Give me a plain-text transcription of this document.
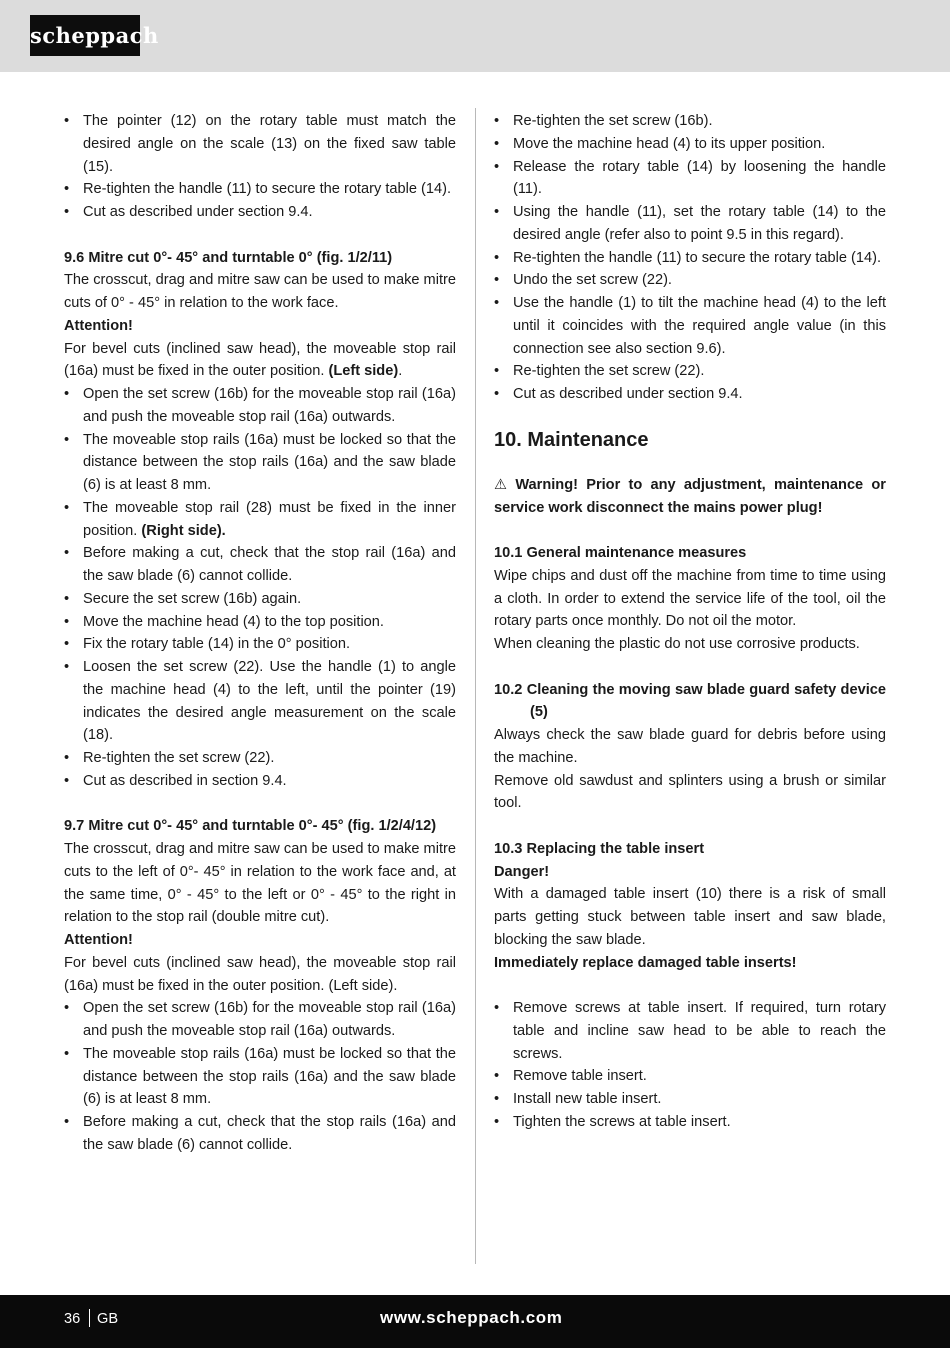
scheppach
• The pointer (12) on the rotary table must match the desired angle on the scale (13) on the fixed saw table (15).
• Re-tighten the handle (11) to secure the rotary table (14).
• Cut as described under section 9.4.

9.6 Mitre cut 0°- 45° and turntable 0° (fig. 1/2/11)

The crosscut, drag and mitre saw can be used to make mitre cuts of 0° - 45° in relation to the work face.

Attention!

For bevel cuts (inclined saw head), the moveable stop rail (16a) must be fixed in the outer position. (Left side).

• Open the set screw (16b) for the moveable stop rail (16a) and push the moveable stop rail (16a) outwards.
• The moveable stop rails (16a) must be locked so that the distance between the stop rails (16a) and the saw blade (6) is at least 8 mm.
• The moveable stop rail (28) must be fixed in the inner position. (Right side).
• Before making a cut, check that the stop rail (16a) and the saw blade (6) cannot collide.
• Secure the set screw (16b) again.
• Move the machine head (4) to the top position.
• Fix the rotary table (14) in the 0° position.
• Loosen the set screw (22). Use the handle (1) to angle the machine head (4) to the left, until the pointer (19) indicates the desired angle measurement on the scale (18).
• Re-tighten the set screw (22).
• Cut as described in section 9.4.

9.7 Mitre cut 0°- 45° and turntable 0°- 45° (fig. 1/2/4/12)

The crosscut, drag and mitre saw can be used to make mitre cuts to the left of 0°- 45° in relation to the work face and, at the same time, 0° - 45° to the left or 0° - 45° to the right in relation to the stop rail (double mitre cut).

Attention!

For bevel cuts (inclined saw head), the moveable stop rail (16a) must be fixed in the outer position. (Left side).

• Open the set screw (16b) for the moveable stop rail (16a) and push the moveable stop rail (16a) outwards.
• The moveable stop rails (16a) must be locked so that the distance between the stop rails (16a) and the saw blade (6) is at least 8 mm.
• Before making a cut, check that the stop rails (16a) and the saw blade (6) cannot collide.
• Re-tighten the set screw (16b).
• Move the machine head (4) to its upper position.
• Release the rotary table (14) by loosening the handle (11).
• Using the handle (11), set the rotary table (14) to the desired angle (refer also to point 9.5 in this regard).
• Re-tighten the handle (11) to secure the rotary table (14).
• Undo the set screw (22).
• Use the handle (1) to tilt the machine head (4) to the left until it coincides with the required angle value (in this connection see also section 9.6).
• Re-tighten the set screw (22).
• Cut as described under section 9.4.

10. Maintenance

⚠ Warning! Prior to any adjustment, maintenance or service work disconnect the mains power plug!

10.1 General maintenance measures

Wipe chips and dust off the machine from time to time using a cloth. In order to extend the service life of the tool, oil the rotary parts once monthly. Do not oil the motor.

When cleaning the plastic do not use corrosive products.

10.2 Cleaning the moving saw blade guard safety device (5)

Always check the saw blade guard for debris before using the machine.

Remove old sawdust and splinters using a brush or similar tool.

10.3 Replacing the table insert

Danger!

With a damaged table insert (10) there is a risk of small parts getting stuck between table insert and saw blade, blocking the saw blade.

Immediately replace damaged table inserts!

• Remove screws at table insert. If required, turn rotary table and incline saw head to be able to reach the screws.
• Remove table insert.
• Install new table insert.
• Tighten the screws at table insert.
36 GB	www.scheppach.com
